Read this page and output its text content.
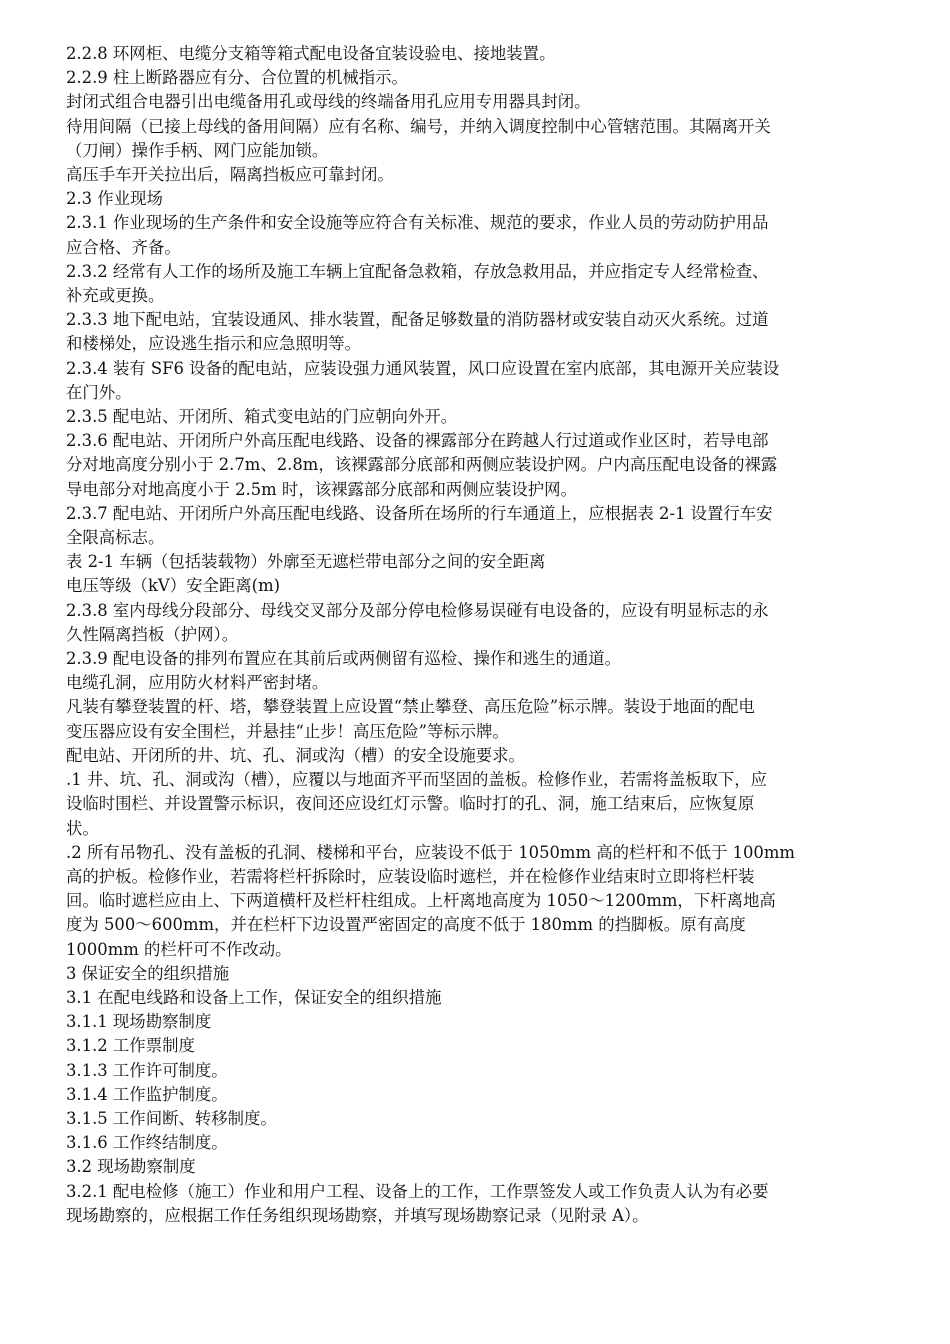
2.2.8 环网柜、电缆分支箱等箱式配电设备宜装设验电、接地装置。
2.2.9 柱上断路器应有分、合位置的机械指示。
封闭式组合电器引出电缆备用孔或母线的终端备用孔应用专用器具封闭。
待用间隔（已接上母线的备用间隔）应有名称、编号，并纳入调度控制中心管辖范围。其隔离开关
（刀闸）操作手柄、网门应能加锁。
高压手车开关拉出后，隔离挡板应可靠封闭。
2.3 作业现场
2.3.1 作业现场的生产条件和安全设施等应符合有关标准、规范的要求，作业人员的劳动防护用品
应合格、齐备。
2.3.2 经常有人工作的场所及施工车辆上宜配备急救箱，存放急救用品，并应指定专人经常检查、
补充或更换。
2.3.3 地下配电站，宜装设通风、排水装置，配备足够数量的消防器材或安装自动灭火系统。过道
和楼梯处，应设逃生指示和应急照明等。
2.3.4 装有 SF6 设备的配电站，应装设强力通风装置，风口应设置在室内底部，其电源开关应装设
在门外。
2.3.5 配电站、开闭所、箱式变电站的门应朝向外开。
2.3.6 配电站、开闭所户外高压配电线路、设备的裸露部分在跨越人行过道或作业区时，若导电部
分对地高度分别小于 2.7m、2.8m，该裸露部分底部和两侧应装设护网。户内高压配电设备的裸露
导电部分对地高度小于 2.5m 时，该裸露部分底部和两侧应装设护网。
2.3.7 配电站、开闭所户外高压配电线路、设备所在场所的行车通道上，应根据表 2-1 设置行车安
全限高标志。
表 2-1 车辆（包括装载物）外廓至无遮栏带电部分之间的安全距离
电压等级（kV）安全距离(m)
2.3.8 室内母线分段部分、母线交叉部分及部分停电检修易误碰有电设备的，应设有明显标志的永
久性隔离挡板（护网）。
2.3.9 配电设备的排列布置应在其前后或两侧留有巡检、操作和逃生的通道。
电缆孔洞，应用防火材料严密封堵。
凡装有攀登装置的杆、塔，攀登装置上应设置“禁止攀登、高压危险”标示牌。装设于地面的配电
变压器应设有安全围栏，并悬挂“止步！高压危险”等标示牌。
配电站、开闭所的井、坑、孔、洞或沟（槽）的安全设施要求。
.1 井、坑、孔、洞或沟（槽），应覆以与地面齐平而坚固的盖板。检修作业，若需将盖板取下，应
设临时围栏、并设置警示标识，夜间还应设红灯示警。临时打的孔、洞，施工结束后，应恢复原
状。
.2 所有吊物孔、没有盖板的孔洞、楼梯和平台，应装设不低于 1050mm 高的栏杆和不低于 100mm
高的护板。检修作业，若需将栏杆拆除时，应装设临时遮栏，并在检修作业结束时立即将栏杆装
回。临时遮栏应由上、下两道横杆及栏杆柱组成。上杆离地高度为 1050～1200mm，下杆离地高
度为 500～600mm，并在栏杆下边设置严密固定的高度不低于 180mm 的挡脚板。原有高度
1000mm 的栏杆可不作改动。
3 保证安全的组织措施
3.1 在配电线路和设备上工作，保证安全的组织措施
3.1.1 现场勘察制度
3.1.2 工作票制度
3.1.3 工作许可制度。
3.1.4 工作监护制度。
3.1.5 工作间断、转移制度。
3.1.6 工作终结制度。
3.2 现场勘察制度
3.2.1 配电检修（施工）作业和用户工程、设备上的工作，工作票签发人或工作负责人认为有必要
现场勘察的，应根据工作任务组织现场勘察，并填写现场勘察记录（见附录 A）。
